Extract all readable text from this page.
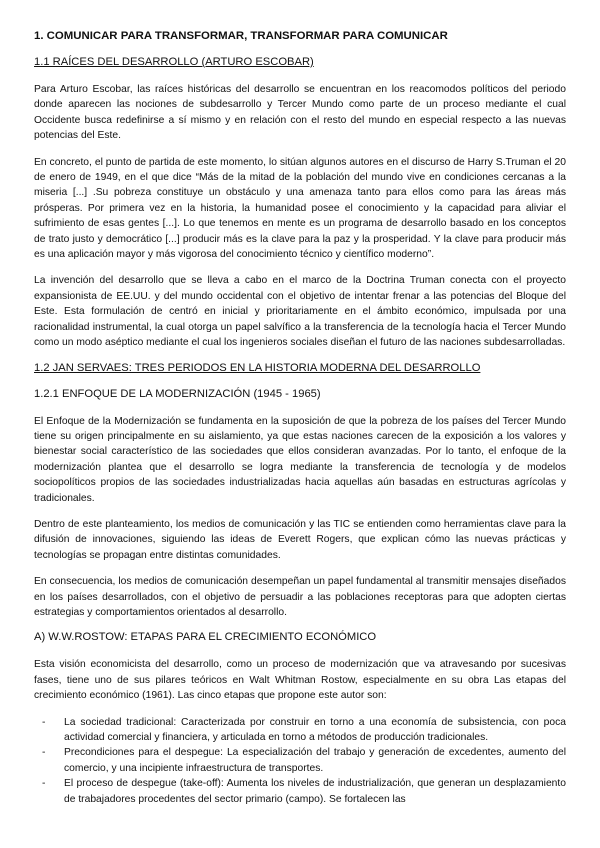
1. COMUNICAR PARA TRANSFORMAR, TRANSFORMAR PARA COMUNICAR
1.1 RAÍCES DEL DESARROLLO (ARTURO ESCOBAR)

Para Arturo Escobar, las raíces históricas del desarrollo se encuentran en los reacomodos políticos del periodo donde aparecen las nociones de subdesarrollo y Tercer Mundo como parte de un proceso mediante el cual Occidente busca redefinirse a sí mismo y en relación con el resto del mundo en especial respecto a las nuevas potencias del Este.

En concreto, el punto de partida de este momento, lo sitúan algunos autores en el discurso de Harry S.Truman el 20 de enero de 1949, en el que dice “Más de la mitad de la población del mundo vive en condiciones cercanas a la miseria [...] .Su pobreza constituye un obstáculo y una amenaza tanto para ellos como para las áreas más prósperas. Por primera vez en la historia, la humanidad posee el conocimiento y la capacidad para aliviar el sufrimiento de esas gentes [...]. Lo que tenemos en mente es un programa de desarrollo basado en los conceptos de trato justo y democrático [...] producir más es la clave para la paz y la prosperidad. Y la clave para producir más es una aplicación mayor y más vigorosa del conocimiento técnico y científico moderno”.

La invención del desarrollo que se lleva a cabo en el marco de la Doctrina Truman conecta con el proyecto expansionista de EE.UU. y del mundo occidental con el objetivo de intentar frenar a las potencias del Bloque del Este. Esta formulación de centró en inicial y prioritariamente en el ámbito económico, impulsada por una racionalidad instrumental, la cual otorga un papel salvífico a la transferencia de la tecnología hacia el Tercer Mundo como un modo aséptico mediante el cual los ingenieros sociales diseñan el futuro de las naciones subdesarrolladas.

1.2 JAN SERVAES: TRES PERIODOS EN LA HISTORIA MODERNA DEL DESARROLLO
1.2.1 ENFOQUE DE LA MODERNIZACIÓN (1945 - 1965)

El Enfoque de la Modernización se fundamenta en la suposición de que la pobreza de los países del Tercer Mundo tiene su origen principalmente en su aislamiento, ya que estas naciones carecen de la exposición a los valores y bienestar social característico de las sociedades que ellos consideran avanzadas. Por lo tanto, el enfoque de la modernización plantea que el desarrollo se logra mediante la transferencia de tecnología y de modelos sociopolíticos propios de las sociedades industrializadas hacia aquellas aún basadas en estructuras agrícolas y tradicionales.

Dentro de este planteamiento, los medios de comunicación y las TIC se entienden como herramientas clave para la difusión de innovaciones, siguiendo las ideas de Everett Rogers, que explican cómo las nuevas prácticas y tecnologías se propagan entre distintas comunidades.

En consecuencia, los medios de comunicación desempeñan un papel fundamental al transmitir mensajes diseñados en los países desarrollados, con el objetivo de persuadir a las poblaciones receptoras para que adopten ciertas estrategias y comportamientos orientados al desarrollo.

A) W.W.ROSTOW: ETAPAS PARA EL CRECIMIENTO ECONÓMICO

Esta visión economicista del desarrollo, como un proceso de modernización que va atravesando por sucesivas fases, tiene uno de sus pilares teóricos en Walt Whitman Rostow, especialmente en su obra Las etapas del crecimiento económico (1961). Las cinco etapas que propone este autor son:

- La sociedad tradicional: Caracterizada por construir en torno a una economía de subsistencia, con poca actividad comercial y financiera, y articulada en torno a métodos de producción tradicionales.
- Precondiciones para el despegue: La especialización del trabajo y generación de excedentes, aumento del comercio, y una incipiente infraestructura de transportes.
- El proceso de despegue (take-off): Aumenta los niveles de industrialización, que generan un desplazamiento de trabajadores procedentes del sector primario (campo). Se fortalecen las
